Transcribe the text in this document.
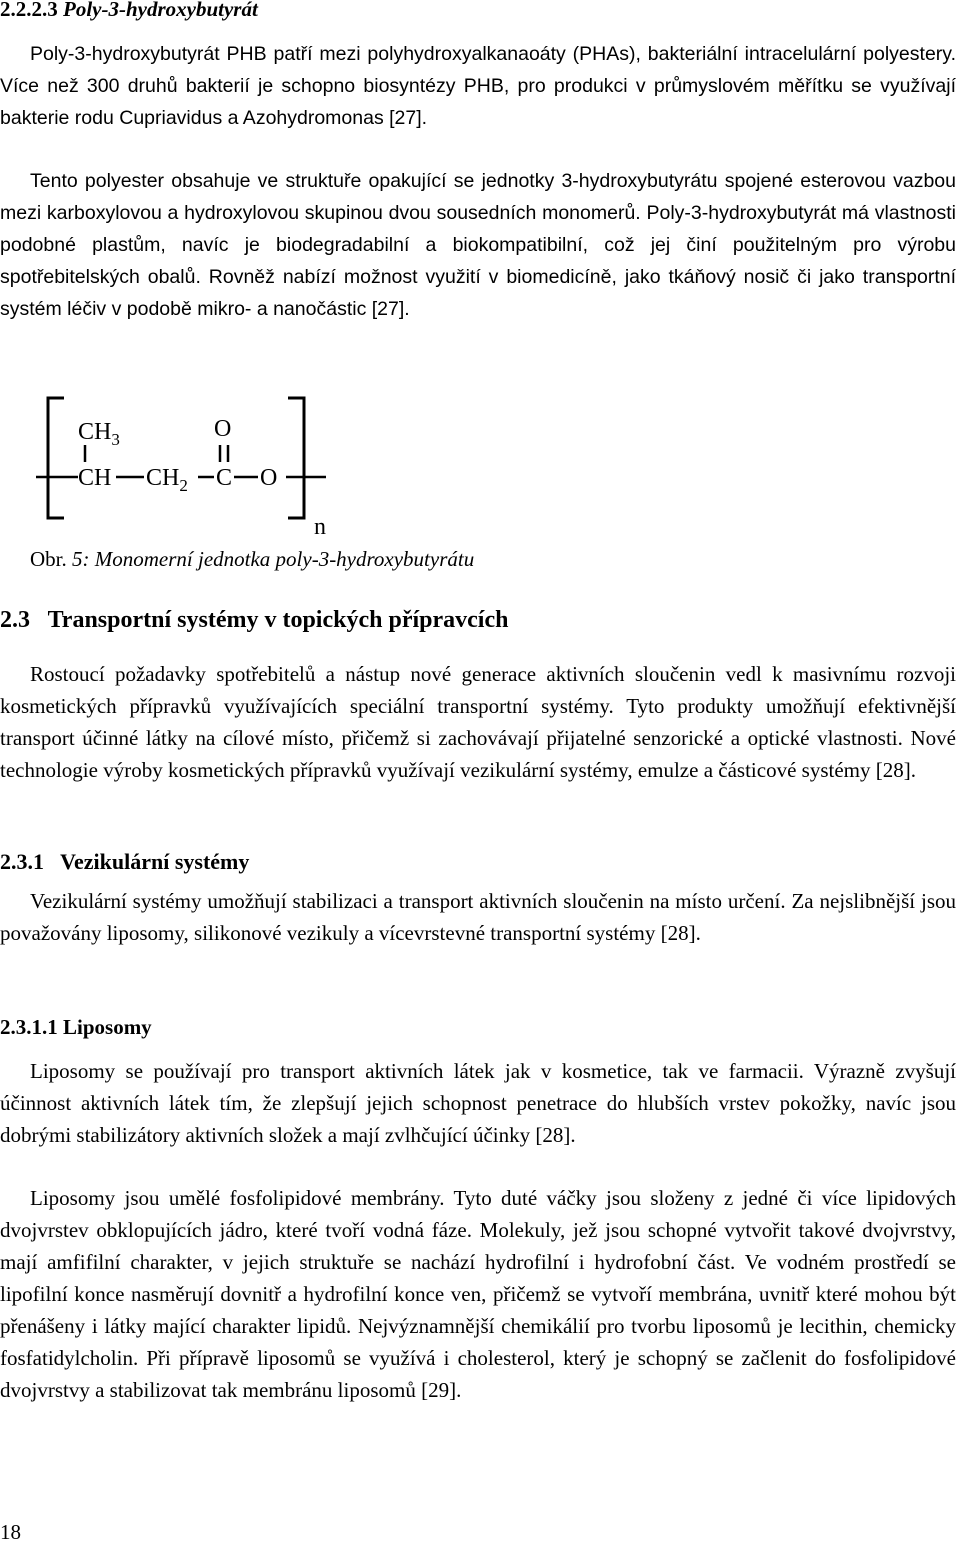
2.2.2.3 Poly-3-hydroxybutyrát
Poly-3-hydroxybutyrát PHB patří mezi polyhydroxyalkanaoáty (PHAs), bakteriální intracelulární polyestery. Více než 300 druhů bakterií je schopno biosyntézy PHB, pro produkci v průmyslovém měřítku se využívají bakterie rodu Cupriavidus a Azohydromonas [27].
Tento polyester obsahuje ve struktuře opakující se jednotky 3-hydroxybutyrátu spojené esterovou vazbou mezi karboxylovou a hydroxylovou skupinou dvou sousedních monomerů. Poly-3-hydroxybutyrát má vlastnosti podobné plastům, navíc je biodegradabilní a biokompatibilní, což jej činí použitelným pro výrobu spotřebitelských obalů. Rovněž nabízí možnost využití v biomedicíně, jako tkáňový nosič či jako transportní systém léčiv v podobě mikro- a nanočástic [27].
$CH_3$	O
CH $CH_2$ C O
n
Obr. 5: Monomerní jednotka poly-3-hydroxybutyrátu
2.3 Transportní systémy v topických přípravcích
Rostoucí požadavky spotřebitelů a nástup nové generace aktivních sloučenin vedl k masivnímu rozvoji kosmetických přípravků využívajících speciální transportní systémy. Tyto produkty umožňují efektivnější transport účinné látky na cílové místo, přičemž si zachovávají přijatelné senzorické a optické vlastnosti. Nové technologie výroby kosmetických přípravků využívají vezikulární systémy, emulze a částicové systémy [28].
2.3.1 Vezikulární systémy
Vezikulární systémy umožňují stabilizaci a transport aktivních sloučenin na místo určení. Za nejslibnější jsou považovány liposomy, silikonové vezikuly a vícevrstevné transportní systémy [28].
2.3.1.1 Liposomy
Liposomy se používají pro transport aktivních látek jak v kosmetice, tak ve farmacii. Výrazně zvyšují účinnost aktivních látek tím, že zlepšují jejich schopnost penetrace do hlubších vrstev pokožky, navíc jsou dobrými stabilizátory aktivních složek a mají zvlhčující účinky [28].
Liposomy jsou umělé fosfolipidové membrány. Tyto duté váčky jsou složeny z jedné či více lipidových dvojvrstev obklopujících jádro, které tvoří vodná fáze. Molekuly, jež jsou schopné vytvořit takové dvojvrstvy, mají amfifilní charakter, v jejich struktuře se nachází hydrofilní i hydrofobní část. Ve vodném prostředí se lipofilní konce nasměrují dovnitř a hydrofilní konce ven, přičemž se vytvoří membrána, uvnitř které mohou být přenášeny i látky mající charakter lipidů. Nejvýznamnější chemikálií pro tvorbu liposomů je lecithin, chemicky fosfatidylcholin. Při přípravě liposomů se využívá i cholesterol, který je schopný se začlenit do fosfolipidové dvojvrstvy a stabilizovat tak membránu liposomů [29].
18
